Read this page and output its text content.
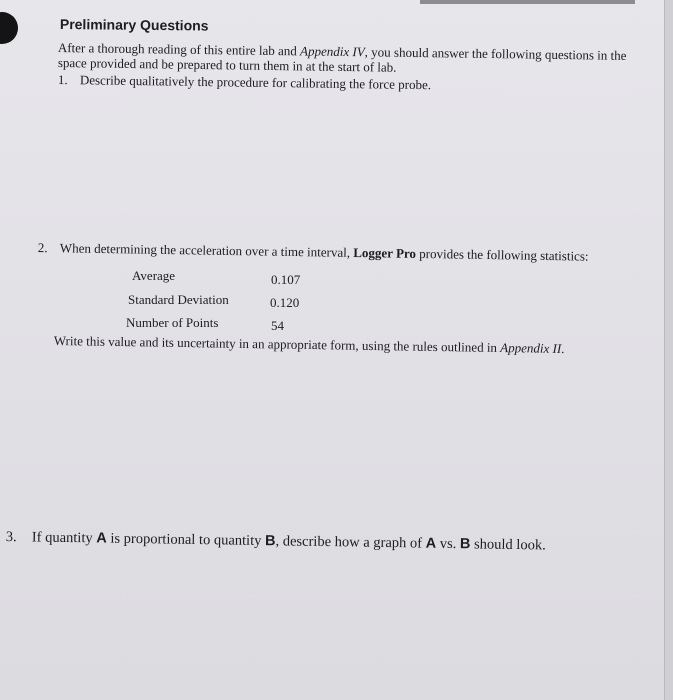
Preliminary Questions
After a thorough reading of this entire lab and Appendix IV, you should answer the following questions in the
space provided and be prepared to turn them in at the start of lab.
1. Describe qualitatively the procedure for calibrating the force probe.
2. When determining the acceleration over a time interval, Logger Pro provides the following statistics:
Average	0.107
Standard Deviation	0.120
Number of Points	54
Write this value and its uncertainty in an appropriate form, using the rules outlined in Appendix II.
3. If quantity A is proportional to quantity B, describe how a graph of A vs. B should look.
